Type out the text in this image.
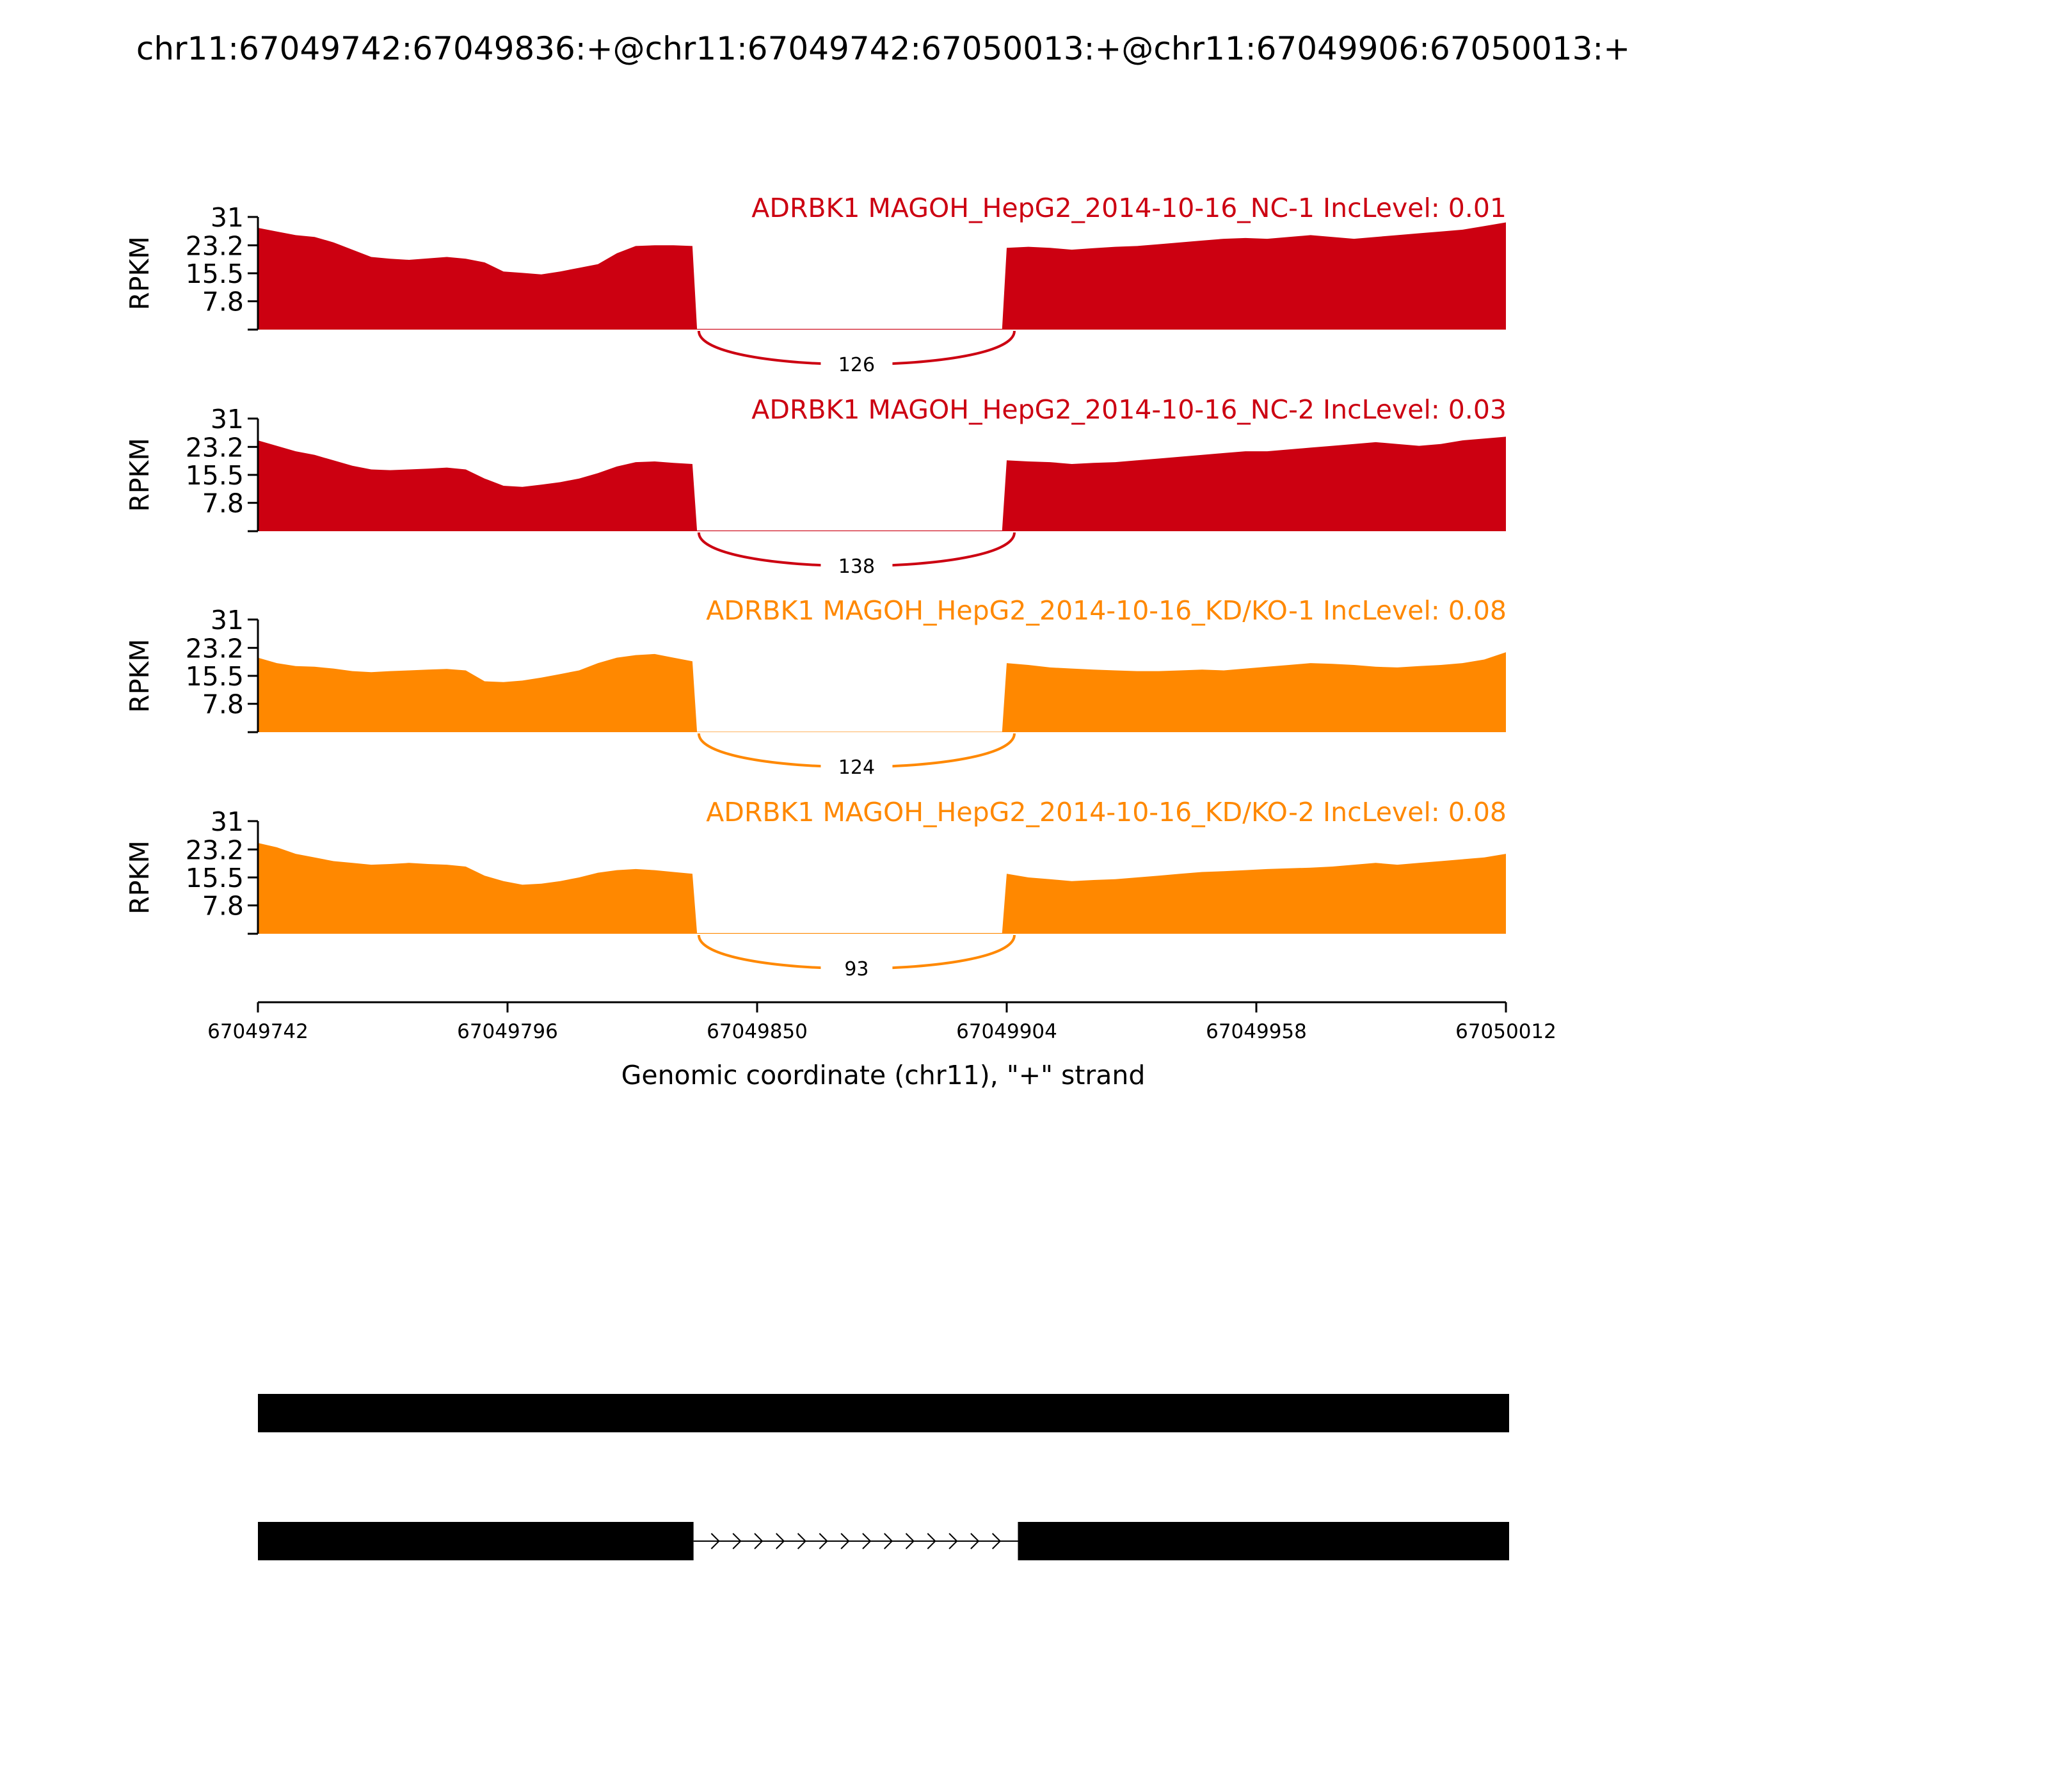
chr11:67049742:67049836:+@chr11:67049742:67050013:+@chr11:67049906:67050013:+
31
23.2
15.5
7.8
RPKM
ADRBK1 MAGOH_HepG2_2014-10-16_NC-1 IncLevel: 0.01
126
31
23.2
15.5
7.8
RPKM
ADRBK1 MAGOH_HepG2_2014-10-16_NC-2 IncLevel: 0.03
138
31
23.2
15.5
7.8
RPKM
ADRBK1 MAGOH_HepG2_2014-10-16_KD/KO-1 IncLevel: 0.08
124
31
23.2
15.5
7.8
RPKM
ADRBK1 MAGOH_HepG2_2014-10-16_KD/KO-2 IncLevel: 0.08
93
67049742	67049796	67049850	67049904	67049958	67050012
Genomic coordinate (chr11), "+" strand
